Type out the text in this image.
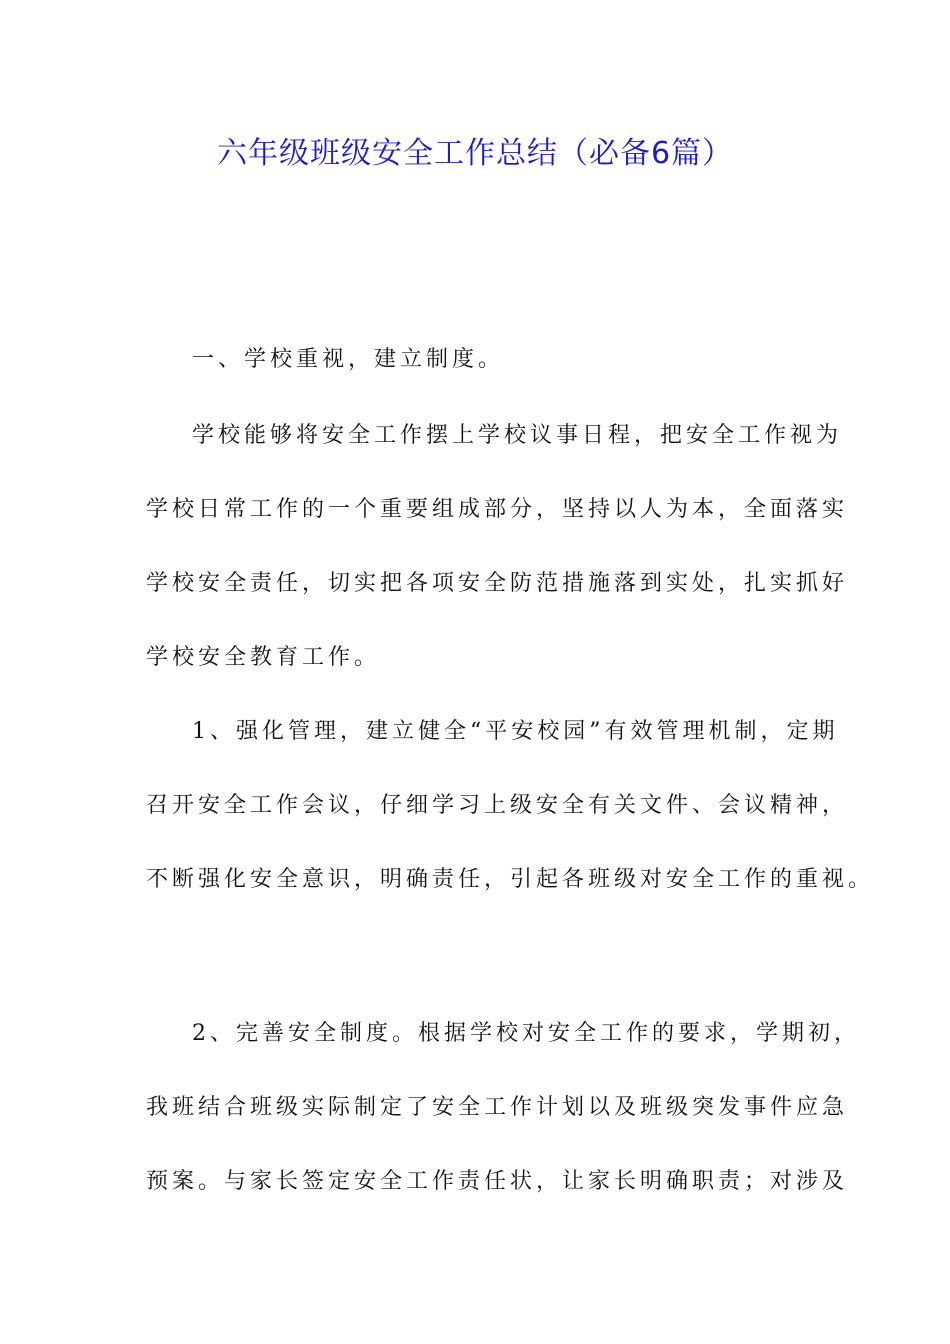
六年级班级安全工作总结（必备6篇）
一、学校重视，建立制度。
学校能够将安全工作摆上学校议事日程，把安全工作视为
学校日常工作的一个重要组成部分，坚持以人为本，全面落实
学校安全责任，切实把各项安全防范措施落到实处，扎实抓好
学校安全教育工作。
1、强化管理，建立健全“平安校园”有效管理机制，定期
召开安全工作会议，仔细学习上级安全有关文件、会议精神，
不断强化安全意识，明确责任，引起各班级对安全工作的重视。
2、完善安全制度。根据学校对安全工作的要求，学期初，
我班结合班级实际制定了安全工作计划以及班级突发事件应急
预案。与家长签定安全工作责任状，让家长明确职责；对涉及
